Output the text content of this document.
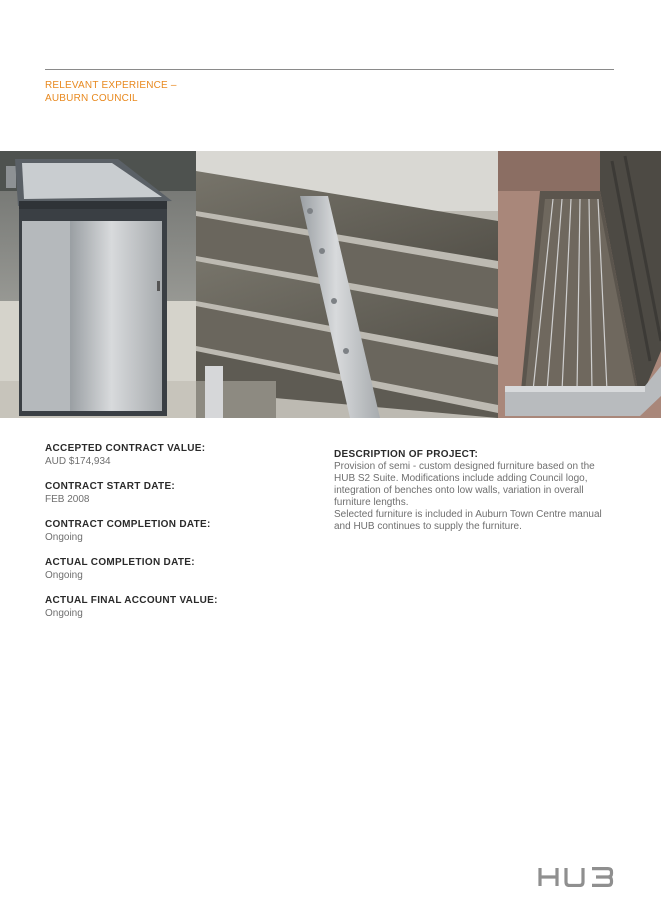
RELEVANT EXPERIENCE –
AUBURN COUNCIL
ACCEPTED CONTRACT VALUE:
AUD $174,934
CONTRACT START DATE:
FEB 2008
CONTRACT COMPLETION DATE:
Ongoing
ACTUAL COMPLETION DATE:
Ongoing
ACTUAL FINAL ACCOUNT VALUE:
Ongoing
DESCRIPTION OF PROJECT:

Provision of semi - custom designed furniture based on the HUB S2 Suite. Modifications include adding Council logo, integration of benches onto low walls, variation in overall furniture lengths.

Selected furniture is included in Auburn Town Centre manual and HUB continues to supply the furniture.
